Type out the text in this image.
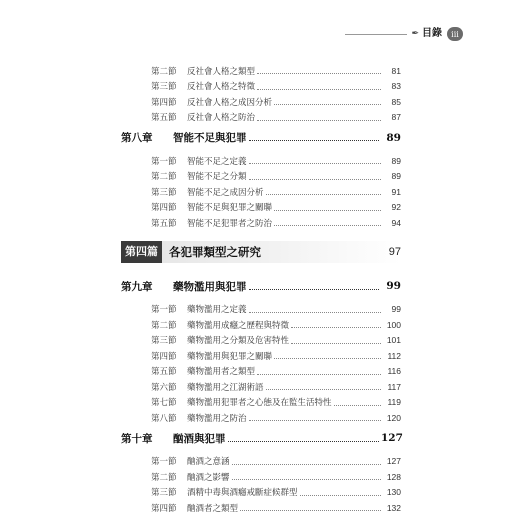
✒ 目錄	iii
第二節	反社會人格之類型	81
第三節	反社會人格之特徵	83
第四節	反社會人格之成因分析	85
第五節	反社會人格之防治	87
第八章	智能不足與犯罪	89
第一節	智能不足之定義	89
第二節	智能不足之分類	89
第三節	智能不足之成因分析	91
第四節	智能不足與犯罪之關聯	92
第五節	智能不足犯罪者之防治	94
第四篇 各犯罪類型之研究	97
第九章	藥物濫用與犯罪	99
第一節	藥物濫用之定義	99
第二節	藥物濫用成癮之歷程與特徵	100
第三節	藥物濫用之分類及危害特性	101
第四節	藥物濫用與犯罪之關聯	112
第五節	藥物濫用者之類型	116
第六節	藥物濫用之江湖術語	117
第七節	藥物濫用犯罪者之心態及在監生活特性	119
第八節	藥物濫用之防治	120
第十章	酗酒與犯罪	127
第一節	酗酒之意涵	127
第二節	酗酒之影響	128
第三節	酒精中毒與酒癮戒斷症候群型	130
第四節	酗酒者之類型	132
